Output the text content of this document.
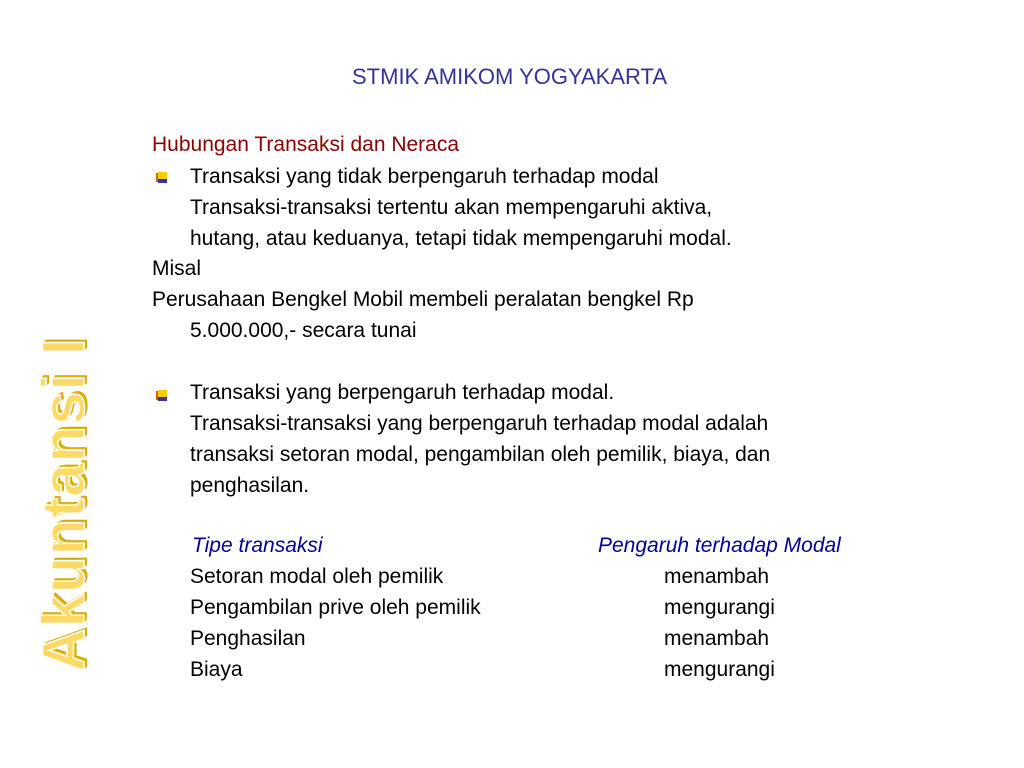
Akuntansi I
STMIK AMIKOM YOGYAKARTA
Hubungan Transaksi dan Neraca
Transaksi yang tidak berpengaruh terhadap modal
Transaksi-transaksi tertentu akan mempengaruhi aktiva,
hutang, atau keduanya, tetapi tidak mempengaruhi modal.
Misal
Perusahaan Bengkel Mobil membeli peralatan bengkel Rp
5.000.000,- secara tunai
Transaksi yang berpengaruh terhadap modal.
Transaksi-transaksi yang berpengaruh terhadap modal adalah
transaksi setoran modal, pengambilan oleh pemilik, biaya, dan
penghasilan.
Tipe transaksi	Pengaruh terhadap Modal
Setoran modal oleh pemilik	menambah
Pengambilan prive oleh pemilik	mengurangi
Penghasilan	menambah
Biaya	mengurangi
